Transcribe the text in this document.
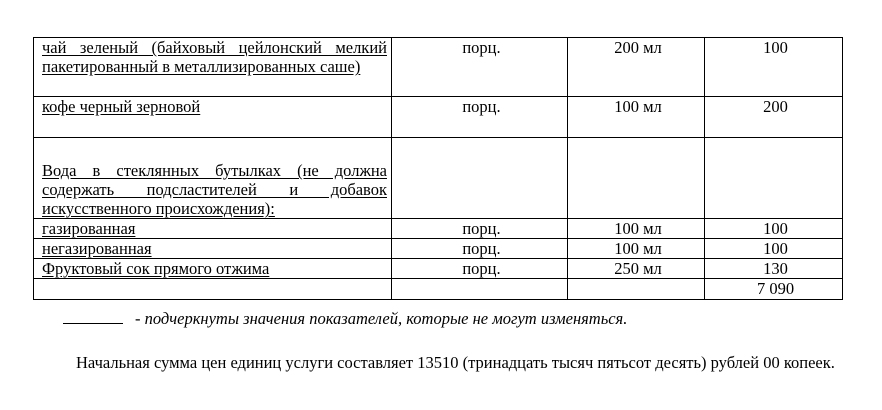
чай зеленый (байховый цейлонский мелкий пакетированный в металлизированных саше)	порц.	200 мл	100
кофе черный зерновой	порц.	100 мл	200
Вода в стеклянных бутылках (не должна содержать подсластителей и добавок искусственного происхождения):			
газированная	порц.	100 мл	100
негазированная	порц.	100 мл	100
Фруктовый сок прямого отжима	порц.	250 мл	130
			7 090
- подчеркнуты значения показателей, которые не могут изменяться.
Начальная сумма цен единиц услуги составляет 13510 (тринадцать тысяч пятьсот десять) рублей 00 копеек.
